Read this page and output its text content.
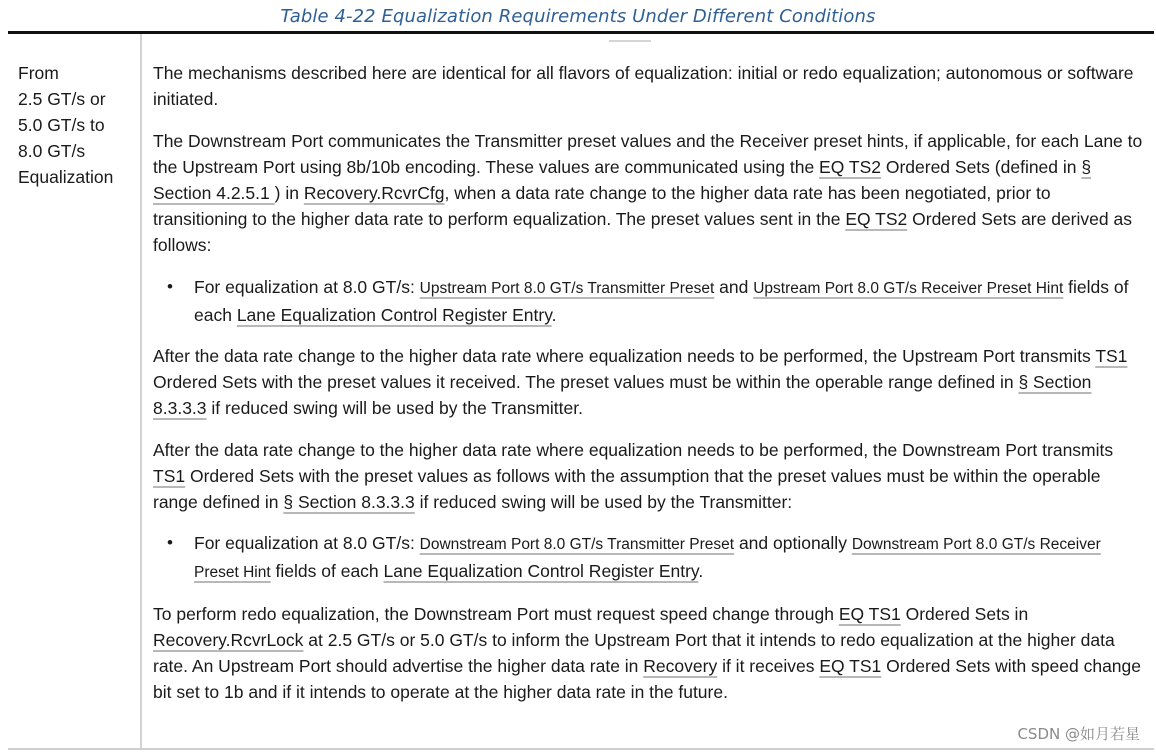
Table 4-22 Equalization Requirements Under Different Conditions
From
2.5 GT/s or
5.0 GT/s to
8.0 GT/s
Equalization

The mechanisms described here are identical for all flavors of equalization: initial or redo equalization; autonomous or software initiated.

The Downstream Port communicates the Transmitter preset values and the Receiver preset hints, if applicable, for each Lane to the Upstream Port using 8b/10b encoding. These values are communicated using the EQ TS2 Ordered Sets (defined in § Section 4.2.5.1 ) in Recovery.RcvrCfg, when a data rate change to the higher data rate has been negotiated, prior to transitioning to the higher data rate to perform equalization. The preset values sent in the EQ TS2 Ordered Sets are derived as follows:

• For equalization at 8.0 GT/s: Upstream Port 8.0 GT/s Transmitter Preset and Upstream Port 8.0 GT/s Receiver Preset Hint fields of each Lane Equalization Control Register Entry.

After the data rate change to the higher data rate where equalization needs to be performed, the Upstream Port transmits TS1 Ordered Sets with the preset values it received. The preset values must be within the operable range defined in § Section 8.3.3.3 if reduced swing will be used by the Transmitter.

After the data rate change to the higher data rate where equalization needs to be performed, the Downstream Port transmits TS1 Ordered Sets with the preset values as follows with the assumption that the preset values must be within the operable range defined in § Section 8.3.3.3 if reduced swing will be used by the Transmitter:

• For equalization at 8.0 GT/s: Downstream Port 8.0 GT/s Transmitter Preset and optionally Downstream Port 8.0 GT/s Receiver Preset Hint fields of each Lane Equalization Control Register Entry.

To perform redo equalization, the Downstream Port must request speed change through EQ TS1 Ordered Sets in Recovery.RcvrLock at 2.5 GT/s or 5.0 GT/s to inform the Upstream Port that it intends to redo equalization at the higher data rate. An Upstream Port should advertise the higher data rate in Recovery if it receives EQ TS1 Ordered Sets with speed change bit set to 1b and if it intends to operate at the higher data rate in the future.

CSDN @如月若星
